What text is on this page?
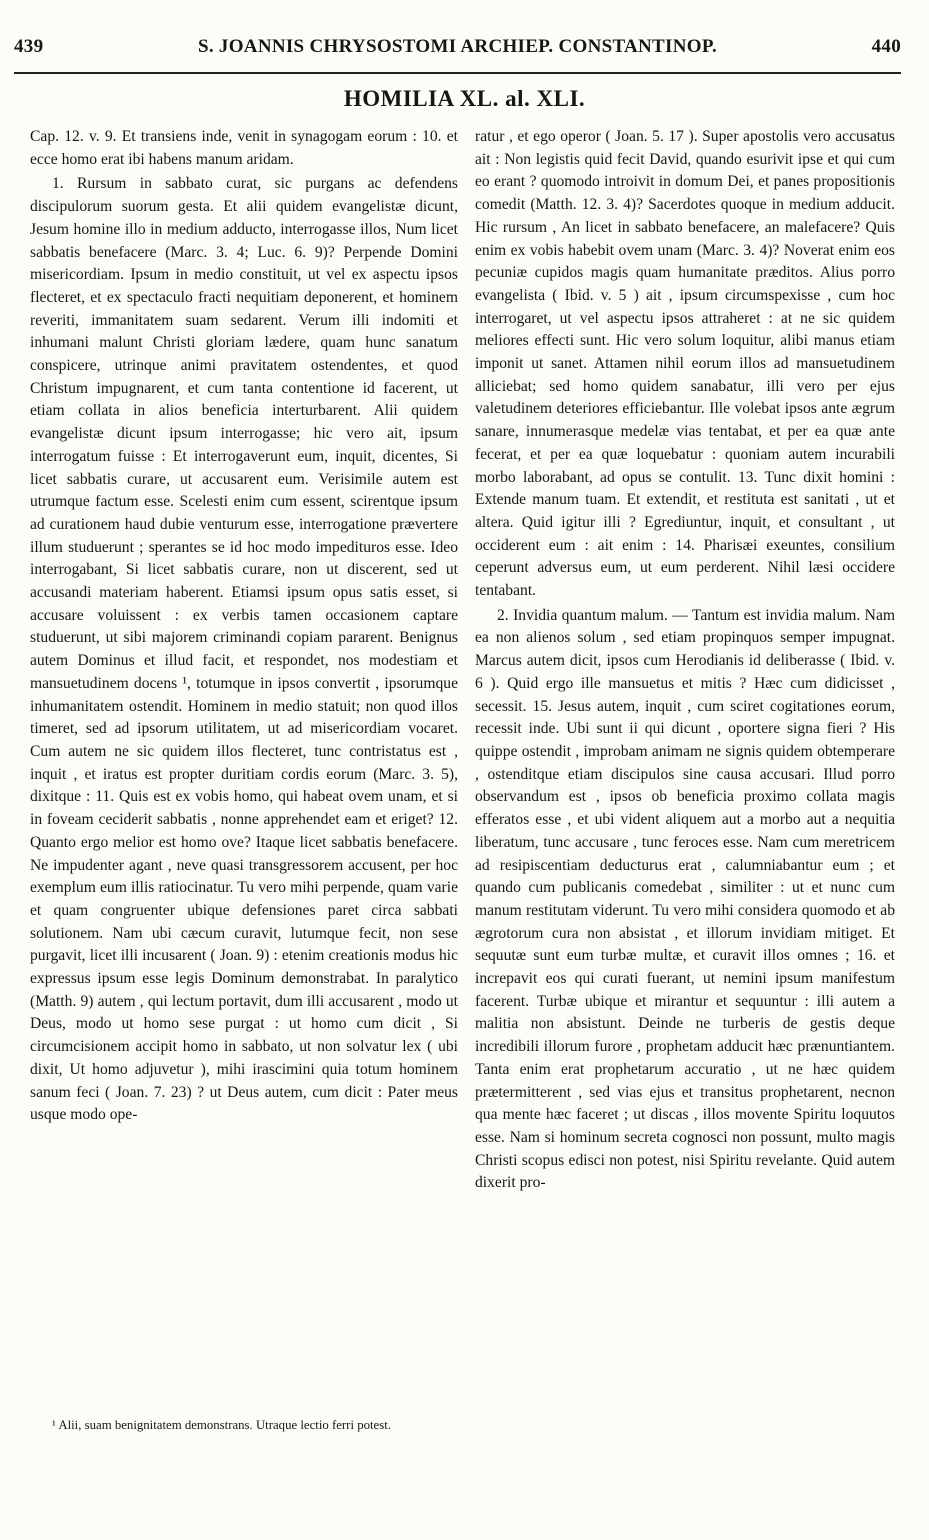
439	S. JOANNIS CHRYSOSTOMI ARCHIEP. CONSTANTINOP.	440
HOMILIA XL. al. XLI.

Cap. 12. v. 9. Et transiens inde, venit in synagogam eorum : 10. et ecce homo erat ibi habens manum aridam.

1. Rursum in sabbato curat, sic purgans ac defendens discipulorum suorum gesta. Et alii quidem evangelistæ dicunt, Jesum homine illo in medium adducto, interrogasse illos, Num licet sabbatis benefacere (Marc. 3. 4; Luc. 6. 9)? Perpende Domini misericordiam. Ipsum in medio constituit, ut vel ex aspectu ipsos flecteret, et ex spectaculo fracti nequitiam deponerent, et hominem reveriti, immanitatem suam sedarent. Verum illi indomiti et inhumani malunt Christi gloriam lædere, quam hunc sanatum conspicere, utrinque animi pravitatem ostendentes, et quod Christum impugnarent, et cum tanta contentione id facerent, ut etiam collata in alios beneficia interturbarent. Alii quidem evangelistæ dicunt ipsum interrogasse; hic vero ait, ipsum interrogatum fuisse : Et interrogaverunt eum, inquit, dicentes, Si licet sabbatis curare, ut accusarent eum. Verisimile autem est utrumque factum esse. Scelesti enim cum essent, scirentque ipsum ad curationem haud dubie venturum esse, interrogatione prævertere illum studuerunt ; sperantes se id hoc modo impedituros esse. Ideo interrogabant, Si licet sabbatis curare, non ut discerent, sed ut accusandi materiam haberent. Etiamsi ipsum opus satis esset, si accusare voluissent : ex verbis tamen occasionem captare studuerunt, ut sibi majorem criminandi copiam pararent. Benignus autem Dominus et illud facit, et respondet, nos modestiam et mansuetudinem docens ¹, totumque in ipsos convertit , ipsorumque inhumanitatem ostendit. Hominem in medio statuit; non quod illos timeret, sed ad ipsorum utilitatem, ut ad misericordiam vocaret. Cum autem ne sic quidem illos flecteret, tunc contristatus est , inquit , et iratus est propter duritiam cordis eorum (Marc. 3. 5), dixitque : 11. Quis est ex vobis homo, qui habeat ovem unam, et si in foveam ceciderit sabbatis , nonne apprehendet eam et eriget? 12. Quanto ergo melior est homo ove? Itaque licet sabbatis benefacere. Ne impudenter agant , neve quasi transgressorem accusent, per hoc exemplum eum illis ratiocinatur. Tu vero mihi perpende, quam varie et quam congruenter ubique defensiones paret circa sabbati solutionem. Nam ubi cæcum curavit, lutumque fecit, non sese purgavit, licet illi incusarent ( Joan. 9) : etenim creationis modus hic expressus ipsum esse legis Dominum demonstrabat. In paralytico (Matth. 9) autem , qui lectum portavit, dum illi accusarent , modo ut Deus, modo ut homo sese purgat : ut homo cum dicit , Si circumcisionem accipit homo in sabbato, ut non solvatur lex ( ubi dixit, Ut homo adjuvetur ), mihi irascimini quia totum hominem sanum feci ( Joan. 7. 23) ? ut Deus autem, cum dicit : Pater meus usque modo ope-

ratur , et ego operor ( Joan. 5. 17 ). Super apostolis vero accusatus ait : Non legistis quid fecit David, quando esurivit ipse et qui cum eo erant ? quomodo introivit in domum Dei, et panes propositionis comedit (Matth. 12. 3. 4)? Sacerdotes quoque in medium adducit. Hic rursum , An licet in sabbato benefacere, an malefacere? Quis enim ex vobis habebit ovem unam (Marc. 3. 4)? Noverat enim eos pecuniæ cupidos magis quam humanitate præditos. Alius porro evangelista ( Ibid. v. 5 ) ait , ipsum circumspexisse , cum hoc interrogaret, ut vel aspectu ipsos attraheret : at ne sic quidem meliores effecti sunt. Hic vero solum loquitur, alibi manus etiam imponit ut sanet. Attamen nihil eorum illos ad mansuetudinem alliciebat; sed homo quidem sanabatur, illi vero per ejus valetudinem deteriores efficiebantur. Ille volebat ipsos ante ægrum sanare, innumerasque medelæ vias tentabat, et per ea quæ ante fecerat, et per ea quæ loquebatur : quoniam autem incurabili morbo laborabant, ad opus se contulit. 13. Tunc dixit homini : Extende manum tuam. Et extendit, et restituta est sanitati , ut et altera. Quid igitur illi ? Egrediuntur, inquit, et consultant , ut occiderent eum : ait enim : 14. Pharisæi exeuntes, consilium ceperunt adversus eum, ut eum perderent. Nihil læsi occidere tentabant.

2. Invidia quantum malum. — Tantum est invidia malum. Nam ea non alienos solum , sed etiam propinquos semper impugnat. Marcus autem dicit, ipsos cum Herodianis id deliberasse ( Ibid. v. 6 ). Quid ergo ille mansuetus et mitis ? Hæc cum didicisset , secessit. 15. Jesus autem, inquit , cum sciret cogitationes eorum, recessit inde. Ubi sunt ii qui dicunt , oportere signa fieri ? His quippe ostendit , improbam animam ne signis quidem obtemperare , ostenditque etiam discipulos sine causa accusari. Illud porro observandum est , ipsos ob beneficia proximo collata magis efferatos esse , et ubi vident aliquem aut a morbo aut a nequitia liberatum, tunc accusare , tunc feroces esse. Nam cum meretricem ad resipiscentiam deducturus erat , calumniabantur eum ; et quando cum publicanis comedebat , similiter : ut et nunc cum manum restitutam viderunt. Tu vero mihi considera quomodo et ab ægrotorum cura non absistat , et illorum invidiam mitiget. Et sequutæ sunt eum turbæ multæ, et curavit illos omnes ; 16. et increpavit eos qui curati fuerant, ut nemini ipsum manifestum facerent. Turbæ ubique et mirantur et sequuntur : illi autem a malitia non absistunt. Deinde ne turberis de gestis deque incredibili illorum furore , prophetam adducit hæc prænuntiantem. Tanta enim erat prophetarum accuratio , ut ne hæc quidem prætermitterent , sed vias ejus et transitus prophetarent, necnon qua mente hæc faceret ; ut discas , illos movente Spiritu loquutos esse. Nam si hominum secreta cognosci non possunt, multo magis Christi scopus edisci non potest, nisi Spiritu revelante. Quid autem dixerit pro-

¹ Alii, suam benignitatem demonstrans. Utraque lectio ferri potest.
